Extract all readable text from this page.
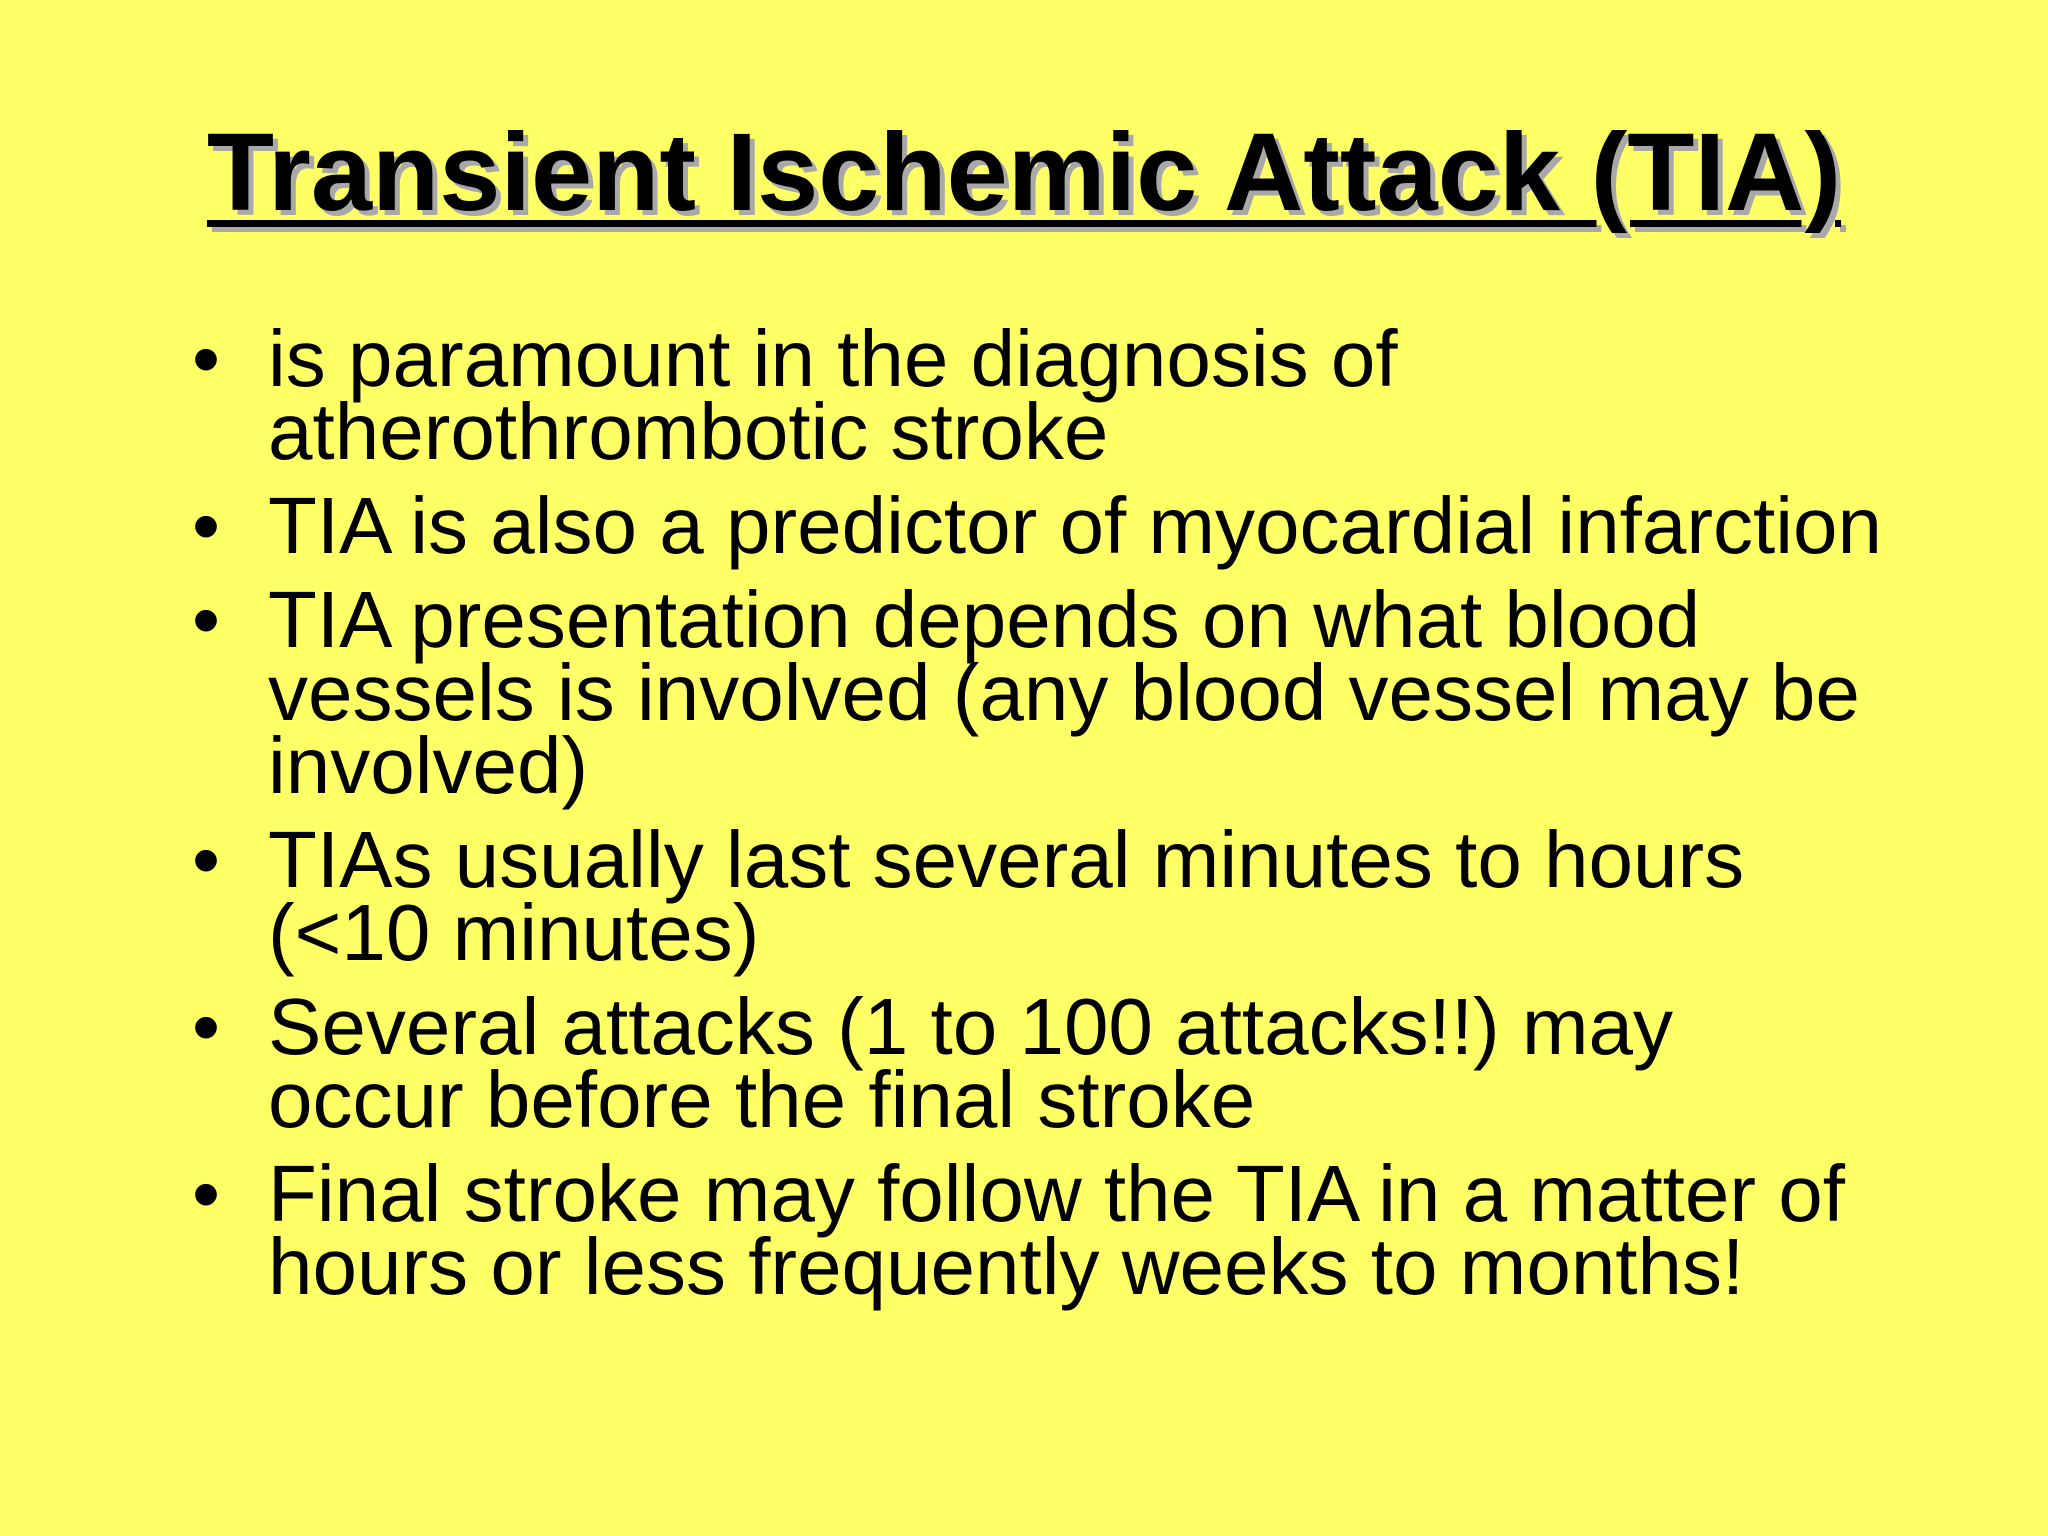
Transient Ischemic Attack (TIA)
• is paramount in the diagnosis of atherothrombotic stroke
• TIA is also a predictor of myocardial infarction
• TIA presentation depends on what blood vessels is involved (any blood vessel may be involved)
• TIAs usually last several minutes to hours (<10 minutes)
• Several attacks (1 to 100 attacks!!) may occur before the final stroke
• Final stroke may follow the TIA in a matter of hours or less frequently weeks to months!
